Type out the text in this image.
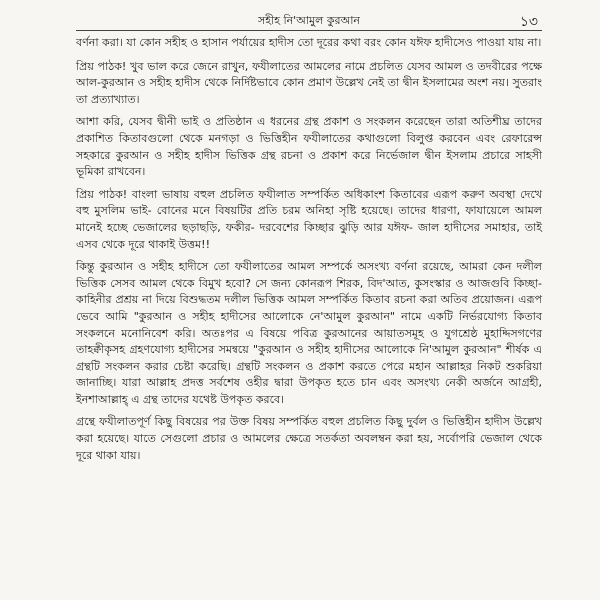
সহীহ নি'আমুল কুরআন	১৩

বর্ণনা করা। যা কোন সহীহ ও হাসান পর্যায়ের হাদীস তো দূরের কথা বরং কোন যঈফ হাদীসেও পাওয়া যায় না।

প্রিয় পাঠক! খুব ভাল করে জেনে রাখুন, ফযীলাতের আমলের নামে প্রচলিত যেসব আমল ও তদবীরের পক্ষে আল-কুরআন ও সহীহ হাদীস থেকে নির্দিষ্টভাবে কোন প্রমাণ উল্লেখ নেই তা দ্বীন ইসলামের অংশ নয়। সুতরাং তা প্রত্যাখ্যাত।

আশা করি, যেসব দ্বীনী ভাই ও প্রতিষ্ঠান এ ধরনের গ্রন্থ প্রকাশ ও সংকলন করেছেন তারা অতিশীঘ্র তাদের প্রকাশিত কিতাবগুলো থেকে মনগড়া ও ভিত্তিহীন ফযীলাতের কথাগুলো বিলুপ্ত করবেন এবং রেফারেন্স সহকারে কুরআন ও সহীহ হাদীস ভিত্তিক গ্রন্থ রচনা ও প্রকাশ করে নির্ভেজাল দ্বীন ইসলাম প্রচারে সাহসী ভূমিকা রাখবেন।

প্রিয় পাঠক! বাংলা ভাষায় বহুল প্রচলিত ফযীলাত সম্পর্কিত অধিকাংশ কিতাবের এরূপ করুণ অবস্থা দেখে বহু মুসলিম ভাই- বোনের মনে বিষয়টির প্রতি চরম অনিহা সৃষ্টি হয়েছে। তাদের ধারণা, ফাযায়েলে আমল মানেই হচ্ছে ভেজালের ছড়াছড়ি, ফকীর- দরবেশের কিচ্ছার ঝুড়ি আর যঈফ- জাল হাদীসের সমাহার, তাই এসব থেকে দূরে থাকাই উত্তম!!

কিন্তু কুরআন ও সহীহ হাদীসে তো ফযীলাতের আমল সম্পর্কে অসংখ্য বর্ণনা রয়েছে, আমরা কেন দলীল ভিত্তিক সেসব আমল থেকে বিমুখ হবো? সে জন্য কোনরূপ শিরক, বিদ'আত, কুসংস্কার ও আজগুবি কিচ্ছা- কাহিনীর প্রশ্রয় না দিয়ে বিশুদ্ধতম দলীল ভিত্তিক আমল সম্পর্কিত কিতাব রচনা করা অতিব প্রয়োজন। এরূপ ভেবে আমি "কুরআন ও সহীহ হাদীসের আলোকে নে'আমুল কুরআন" নামে একটি নির্ভরযোগ্য কিতাব সংকলনে মনোনিবেশ করি। অতঃপর এ বিষয়ে পবিত্র কুরআনের আয়াতসমূহ ও যুগশ্রেষ্ঠ মুহাদ্দিসগণের তাহক্বীকৃসহ গ্রহণযোগ্য হাদীসের সমন্বয়ে "কুরআন ও সহীহ হাদীসের আলোকে নি'আমুল কুরআন" শীর্ষক এ গ্রন্থটি সংকলন করার চেষ্টা করেছি। গ্রন্থটি সংকলন ও প্রকাশ করতে পেরে মহান আল্লাহর নিকট শুকরিয়া জানাচ্ছি। যারা আল্লাহ প্রদত্ত সর্বশেষ ওহীর দ্বারা উপকৃত হতে চান এবং অসংখ্য নেকী অর্জনে আগ্রহী, ইনশাআল্লাহ্ এ গ্রন্থ তাদের যথেষ্ট উপকৃত করবে।

গ্রন্থে ফযীলাতপূর্ণ কিছু বিষয়ের পর উক্ত বিষয় সম্পর্কিত বহুল প্রচলিত কিছু দুর্বল ও ভিত্তিহীন হাদীস উল্লেখ করা হয়েছে। যাতে সেগুলো প্রচার ও আমলের ক্ষেত্রে সতর্কতা অবলম্বন করা হয়, সর্বোপরি ভেজাল থেকে দূরে থাকা যায়।
